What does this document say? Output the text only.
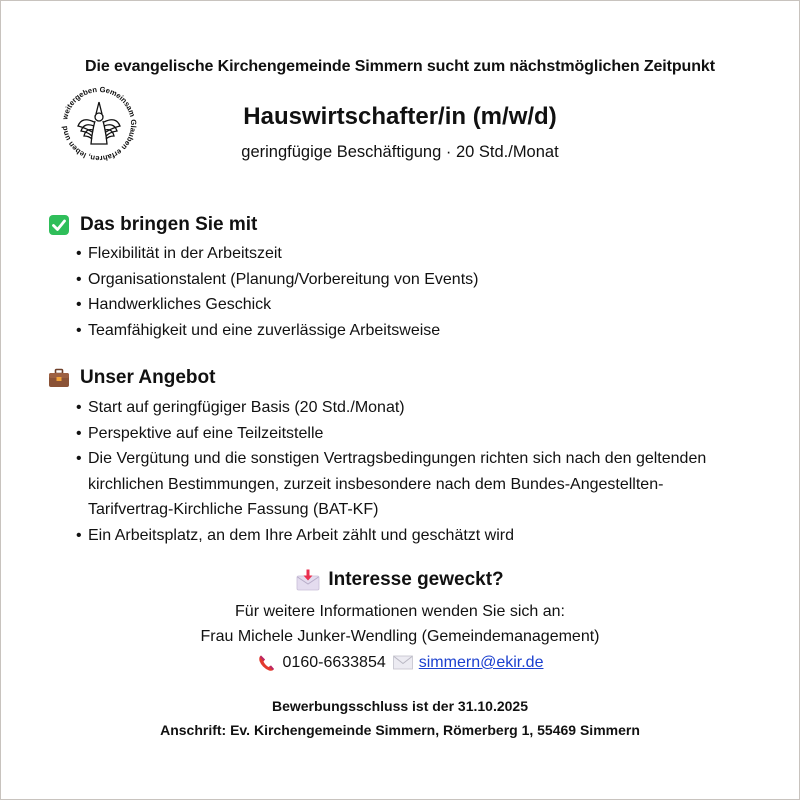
Die evangelische Kirchengemeinde Simmern sucht zum nächstmöglichen Zeitpunkt
weitergeben Gemeinsam Glauben erfahren, leben und	Hauswirtschafter/in (m/w/d)
geringfügige Beschäftigung · 20 Std./Monat
Das bringen Sie mit
• Flexibilität in der Arbeitszeit
• Organisationstalent (Planung/Vorbereitung von Events)
• Handwerkliches Geschick
• Teamfähigkeit und eine zuverlässige Arbeitsweise
Unser Angebot
• Start auf geringfügiger Basis (20 Std./Monat)
• Perspektive auf eine Teilzeitstelle
• Die Vergütung und die sonstigen Vertragsbedingungen richten sich nach den geltenden kirchlichen Bestimmungen, zurzeit insbesondere nach dem Bundes-Angestellten-Tarifvertrag-Kirchliche Fassung (BAT-KF)
• Ein Arbeitsplatz, an dem Ihre Arbeit zählt und geschätzt wird
Interesse geweckt?
Für weitere Informationen wenden Sie sich an:
Frau Michele Junker-Wendling (Gemeindemanagement)
0160-6633854 simmern@ekir.de
Bewerbungsschluss ist der 31.10.2025
Anschrift: Ev. Kirchengemeinde Simmern, Römerberg 1, 55469 Simmern
